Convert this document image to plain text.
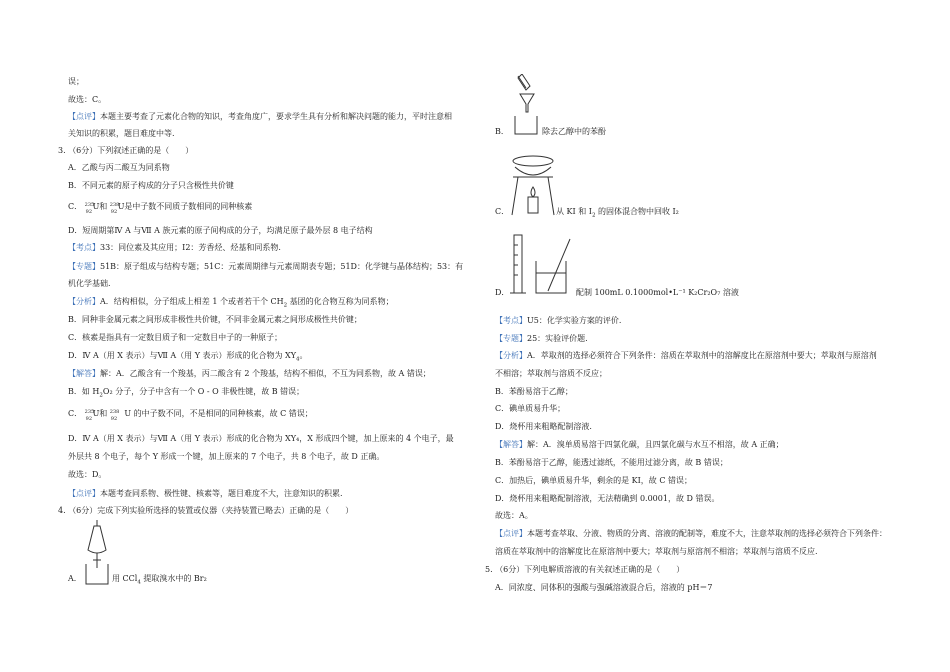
误；
故选：C。
【点评】本题主要考查了元素化合物的知识，考查角度广，要求学生具有分析和解决问题的能力，平时注意相
关知识的积累，题目难度中等.
3. （6分）下列叙述正确的是（　　）
A．乙酸与丙二酸互为同系物
B．不同元素的原子构成的分子只含极性共价键
C． 235
92
U 和 238
92
U 是中子数不同质子数相同的同种核素
D．短周期第Ⅳ A 与Ⅶ A 族元素的原子间构成的分子，均满足原子最外层 8 电子结构
【考点】33：同位素及其应用；I2：芳香烃、烃基和同系物.
【专题】51B：原子组成与结构专题；51C：元素周期律与元素周期表专题；51D：化学键与晶体结构；53：有
机化学基础.
【分析】A．结构相似，分子组成上相差 1 个或者若干个 $CH_2$ 基团的化合物互称为同系物；
B．同种非金属元素之间形成非极性共价键，不同非金属元素之间形成极性共价键；
C．核素是指具有一定数目质子和一定数目中子的一种原子；
D．Ⅳ A（用 X 表示）与Ⅶ A（用 Y 表示）形成的化合物为 $XY_4$。
【解答】解：A．乙酸含有一个羧基，丙二酸含有 2 个羧基，结构不相似，不互为同系物，故 A 错误；
B．如 $H_2O_2$ 分子，分子中含有一个 O - O 非极性键，故 B 错误；
C． 235
92
U 和 238
92
U 的中子数不同，不是相同的同种核素，故 C 错误；
D．Ⅳ A（用 X 表示）与Ⅶ A（用 Y 表示）形成的化合物为 XY₄，X 形成四个键，加上原来的 4 个电子，最
外层共 8 个电子，每个 Y 形成一个键，加上原来的 7 个电子，共 8 个电子，故 D 正确。
故选：D。
【点评】本题考查同系物、极性键、核素等，题目难度不大，注意知识的积累.
4. （6分）完成下列实验所选择的装置或仪器（夹持装置已略去）正确的是（　　）
A．	用 CCl$_4$ 提取溴水中的 Br₂
B．	除去乙醇中的苯酚
C．	从 KI 和 $I_2$ 的固体混合物中回收 I₂
D．	配制 100mL 0.1000mol•L⁻¹ K₂Cr₂O₇ 溶液
【考点】U5：化学实验方案的评价.
【专题】25：实验评价题.
【分析】A．萃取剂的选择必须符合下列条件：溶质在萃取剂中的溶解度比在原溶剂中要大；萃取剂与原溶剂
不相溶；萃取剂与溶质不反应；
B．苯酚易溶于乙醇；
C．碘单质易升华；
D．烧杯用来粗略配制溶液.
【解答】解：A．溴单质易溶于四氯化碳，且四氯化碳与水互不相溶，故 A 正确；
B．苯酚易溶于乙醇，能透过滤纸，不能用过滤分离，故 B 错误；
C．加热后，碘单质易升华，剩余的是 KI，故 C 错误；
D．烧杯用来粗略配制溶液，无法精确到 0.0001，故 D 错误。
故选：A。
【点评】本题考查萃取、分液、物质的分离、溶液的配制等，难度不大，注意萃取剂的选择必须符合下列条件：
溶质在萃取剂中的溶解度比在原溶剂中要大；萃取剂与原溶剂不相溶；萃取剂与溶质不反应.
5. （6分）下列电解质溶液的有关叙述正确的是（　　）
A．同浓度、同体积的强酸与强碱溶液混合后，溶液的 pH＝7
